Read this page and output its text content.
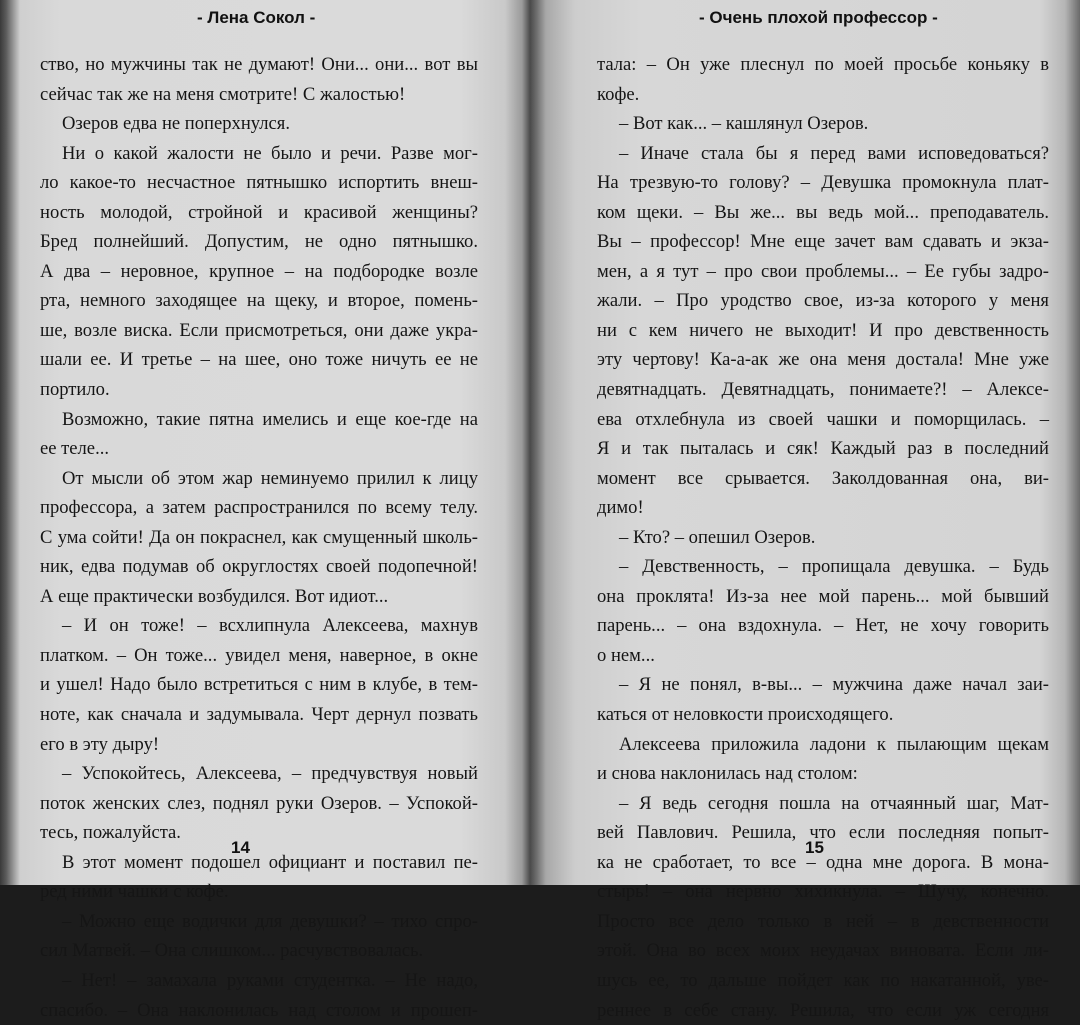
- Лена Сокол -
ство, но мужчины так не думают! Они... они... вот вы
сейчас так же на меня смотрите! С жалостью!
Озеров едва не поперхнулся.
Ни о какой жалости не было и речи. Разве мог-
ло какое-то несчастное пятнышко испортить внеш-
ность молодой, стройной и красивой женщины?
Бред полнейший. Допустим, не одно пятнышко.
А два – неровное, крупное – на подбородке возле
рта, немного заходящее на щеку, и второе, помень-
ше, возле виска. Если присмотреться, они даже укра-
шали ее. И третье – на шее, оно тоже ничуть ее не
портило.
Возможно, такие пятна имелись и еще кое-где на
ее теле...
От мысли об этом жар неминуемо прилил к лицу
профессора, а затем распространился по всему телу.
С ума сойти! Да он покраснел, как смущенный школь-
ник, едва подумав об округлостях своей подопечной!
А еще практически возбудился. Вот идиот...
– И он тоже! – всхлипнула Алексеева, махнув
платком. – Он тоже... увидел меня, наверное, в окне
и ушел! Надо было встретиться с ним в клубе, в тем-
ноте, как сначала и задумывала. Черт дернул позвать
его в эту дыру!
– Успокойтесь, Алексеева, – предчувствуя новый
поток женских слез, поднял руки Озеров. – Успокой-
тесь, пожалуйста.
В этот момент подошел официант и поставил пе-
ред ними чашки с кофе.
– Можно еще водички для девушки? – тихо спро-
сил Матвей. – Она слишком... расчувствовалась.
– Нет! – замахала руками студентка. – Не надо,
спасибо. – Она наклонилась над столом и прошеп-
14
- Очень плохой профессор -
тала: – Он уже плеснул по моей просьбе коньяку в
кофе.
– Вот как... – кашлянул Озеров.
– Иначе стала бы я перед вами исповедоваться?
На трезвую-то голову? – Девушка промокнула плат-
ком щеки. – Вы же... вы ведь мой... преподаватель.
Вы – профессор! Мне еще зачет вам сдавать и экза-
мен, а я тут – про свои проблемы... – Ее губы задро-
жали. – Про уродство свое, из-за которого у меня
ни с кем ничего не выходит! И про девственность
эту чертову! Ка-а-ак же она меня достала! Мне уже
девятнадцать. Девятнадцать, понимаете?! – Алексе-
ева отхлебнула из своей чашки и поморщилась. –
Я и так пыталась и сяк! Каждый раз в последний
момент все срывается. Заколдованная она, ви-
димо!
– Кто? – опешил Озеров.
– Девственность, – пропищала девушка. – Будь
она проклята! Из-за нее мой парень... мой бывший
парень... – она вздохнула. – Нет, не хочу говорить
о нем...
– Я не понял, в-вы... – мужчина даже начал заи-
каться от неловкости происходящего.
Алексеева приложила ладони к пылающим щекам
и снова наклонилась над столом:
– Я ведь сегодня пошла на отчаянный шаг, Мат-
вей Павлович. Решила, что если последняя попыт-
ка не сработает, то все – одна мне дорогa. В мона-
стырь! – она нервно хихикнула. – Шучу, конечно.
Просто все дело только в ней – в девственности
этой. Она во всех моих неудачах виновата. Если ли-
шусь ее, то дальше пойдет как по накатанной, уве-
реннее в себе стану. Решила, что если уж сегодня
15
